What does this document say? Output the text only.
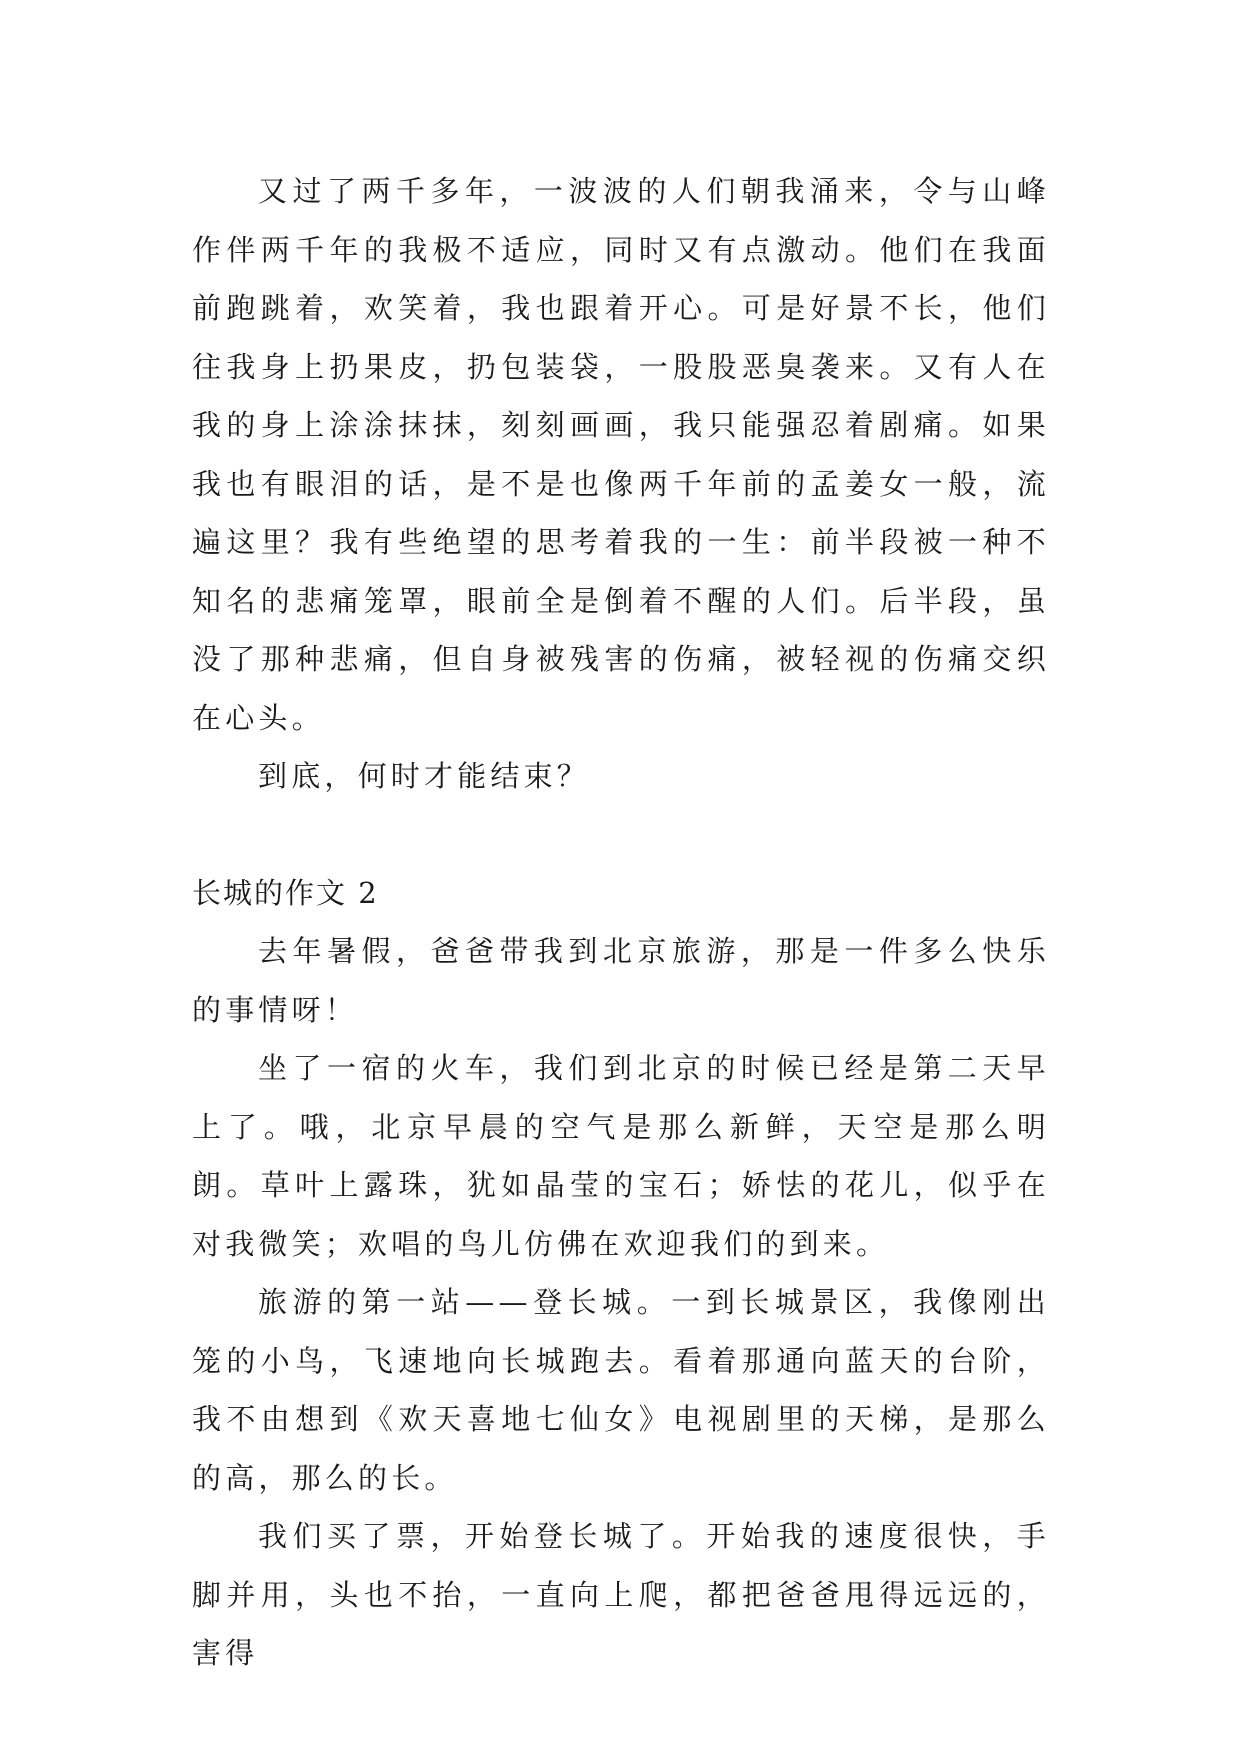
又过了两千多年，一波波的人们朝我涌来，令与山峰作伴两千年的我极不适应，同时又有点激动。他们在我面前跑跳着，欢笑着，我也跟着开心。可是好景不长，他们往我身上扔果皮，扔包装袋，一股股恶臭袭来。又有人在我的身上涂涂抹抹，刻刻画画，我只能强忍着剧痛。如果我也有眼泪的话，是不是也像两千年前的孟姜女一般，流遍这里？我有些绝望的思考着我的一生：前半段被一种不知名的悲痛笼罩，眼前全是倒着不醒的人们。后半段，虽没了那种悲痛，但自身被残害的伤痛，被轻视的伤痛交织在心头。

到底，何时才能结束？

长城的作文 2

去年暑假，爸爸带我到北京旅游，那是一件多么快乐的事情呀！

坐了一宿的火车，我们到北京的时候已经是第二天早上了。哦，北京早晨的空气是那么新鲜，天空是那么明朗。草叶上露珠，犹如晶莹的宝石；娇怯的花儿，似乎在对我微笑；欢唱的鸟儿仿佛在欢迎我们的到来。

旅游的第一站——登长城。一到长城景区，我像刚出笼的小鸟，飞速地向长城跑去。看着那通向蓝天的台阶，我不由想到《欢天喜地七仙女》电视剧里的天梯，是那么的高，那么的长。

我们买了票，开始登长城了。开始我的速度很快，手脚并用，头也不抬，一直向上爬，都把爸爸甩得远远的，害得
